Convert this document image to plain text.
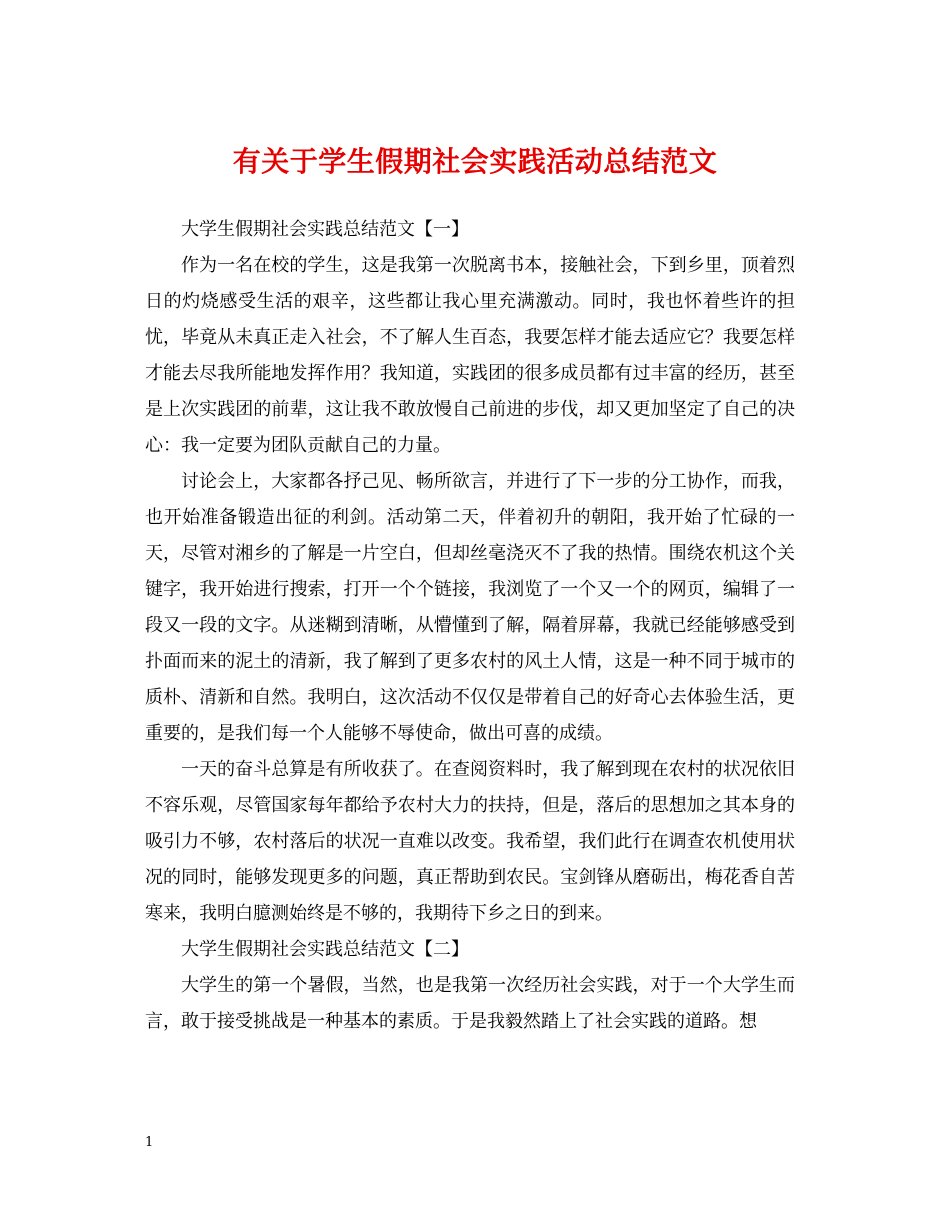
有关于学生假期社会实践活动总结范文

大学生假期社会实践总结范文【一】

作为一名在校的学生，这是我第一次脱离书本，接触社会，下到乡里，顶着烈日的灼烧感受生活的艰辛，这些都让我心里充满激动。同时，我也怀着些许的担忧，毕竟从未真正走入社会，不了解人生百态，我要怎样才能去适应它？我要怎样才能去尽我所能地发挥作用？我知道，实践团的很多成员都有过丰富的经历，甚至是上次实践团的前辈，这让我不敢放慢自己前进的步伐，却又更加坚定了自己的决心：我一定要为团队贡献自己的力量。

讨论会上，大家都各抒己见、畅所欲言，并进行了下一步的分工协作，而我，也开始准备锻造出征的利剑。活动第二天，伴着初升的朝阳，我开始了忙碌的一天，尽管对湘乡的了解是一片空白，但却丝毫浇灭不了我的热情。围绕农机这个关键字，我开始进行搜索，打开一个个链接，我浏览了一个又一个的网页，编辑了一段又一段的文字。从迷糊到清晰，从懵懂到了解，隔着屏幕，我就已经能够感受到扑面而来的泥土的清新，我了解到了更多农村的风土人情，这是一种不同于城市的质朴、清新和自然。我明白，这次活动不仅仅是带着自己的好奇心去体验生活，更重要的，是我们每一个人能够不辱使命，做出可喜的成绩。

一天的奋斗总算是有所收获了。在查阅资料时，我了解到现在农村的状况依旧不容乐观，尽管国家每年都给予农村大力的扶持，但是，落后的思想加之其本身的吸引力不够，农村落后的状况一直难以改变。我希望，我们此行在调查农机使用状况的同时，能够发现更多的问题，真正帮助到农民。宝剑锋从磨砺出，梅花香自苦寒来，我明白臆测始终是不够的，我期待下乡之日的到来。

大学生假期社会实践总结范文【二】

大学生的第一个暑假，当然，也是我第一次经历社会实践，对于一个大学生而言，敢于接受挑战是一种基本的素质。于是我毅然踏上了社会实践的道路。想

1
